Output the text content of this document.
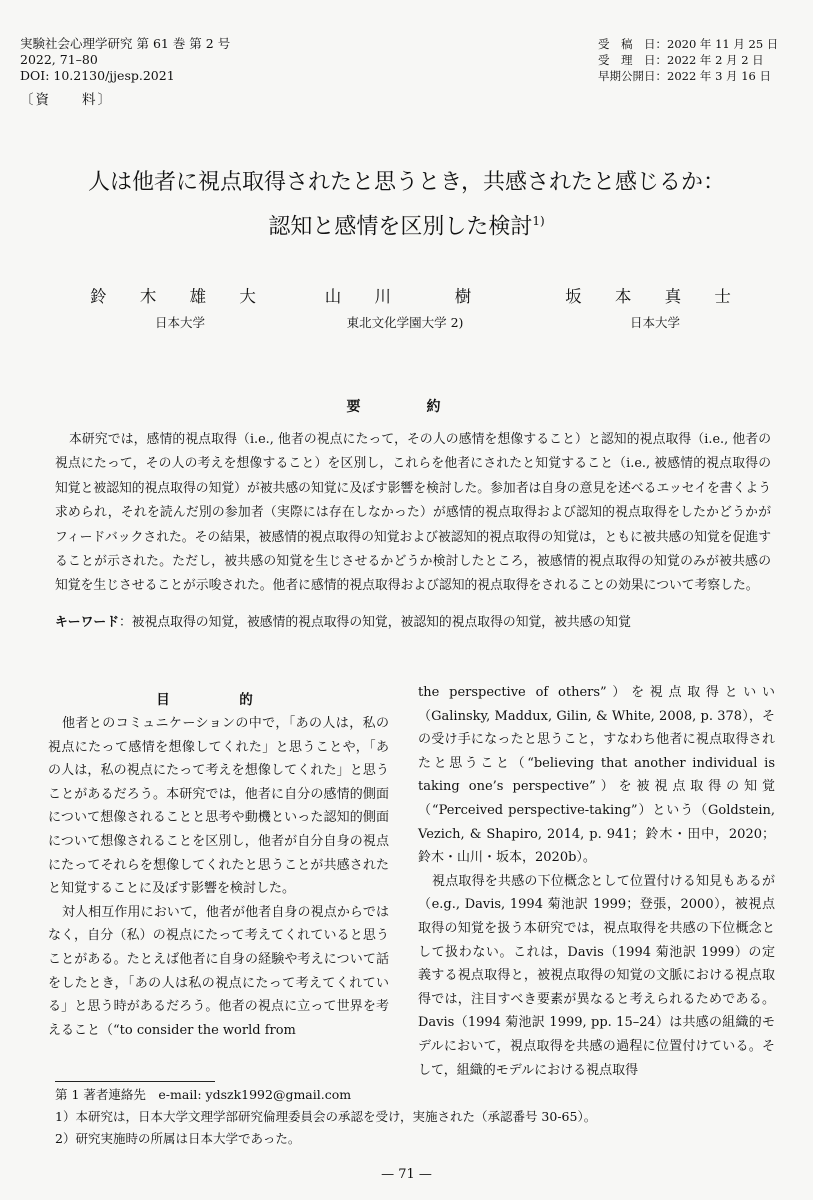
実験社会心理学研究 第 61 巻 第 2 号
2022, 71–80
DOI: 10.2130/jjesp.2021
〔資　　料〕
受　稿　日：2020 年 11 月 25 日
受　理　日：2022 年 2 月 2 日
早期公開日：2022 年 3 月 16 日
人は他者に視点取得されたと思うとき，共感されたと感じるか：
認知と感情を区別した検討$^{1)}$
鈴 木 雄 大
日本大学
山 川　 樹
東北文化学園大学 2)
坂 本 真 士
日本大学
要　約
本研究では，感情的視点取得（i.e., 他者の視点にたって，その人の感情を想像すること）と認知的視点取得（i.e., 他者の視点にたって，その人の考えを想像すること）を区別し，これらを他者にされたと知覚すること（i.e., 被感情的視点取得の知覚と被認知的視点取得の知覚）が被共感の知覚に及ぼす影響を検討した。参加者は自身の意見を述べるエッセイを書くよう求められ，それを読んだ別の参加者（実際には存在しなかった）が感情的視点取得および認知的視点取得をしたかどうかがフィードバックされた。その結果，被感情的視点取得の知覚および被認知的視点取得の知覚は，ともに被共感の知覚を促進することが示された。ただし，被共感の知覚を生じさせるかどうか検討したところ，被感情的視点取得の知覚のみが被共感の知覚を生じさせることが示唆された。他者に感情的視点取得および認知的視点取得をされることの効果について考察した。
キーワード：被視点取得の知覚，被感情的視点取得の知覚，被認知的視点取得の知覚，被共感の知覚
目　的

他者とのコミュニケーションの中で，「あの人は，私の視点にたって感情を想像してくれた」と思うことや，「あの人は，私の視点にたって考えを想像してくれた」と思うことがあるだろう。本研究では，他者に自分の感情的側面について想像されることと思考や動機といった認知的側面について想像されることを区別し，他者が自分自身の視点にたってそれらを想像してくれたと思うことが共感されたと知覚することに及ぼす影響を検討した。

対人相互作用において，他者が他者自身の視点からではなく，自分（私）の視点にたって考えてくれていると思うことがある。たとえば他者に自身の経験や考えについて話をしたとき，「あの人は私の視点にたって考えてくれている」と思う時があるだろう。他者の視点に立って世界を考えること（“to consider the world from

the perspective of others”）を視点取得といい（Galinsky, Maddux, Gilin, & White, 2008, p. 378），その受け手になったと思うこと，すなわち他者に視点取得されたと思うこと（“believing that another individual is taking one’s perspective”）を被視点取得の知覚（“Perceived perspective-taking”）という（Goldstein, Vezich, & Shapiro, 2014, p. 941；鈴木・田中，2020；鈴木・山川・坂本，2020b）。

視点取得を共感の下位概念として位置付ける知見もあるが（e.g., Davis, 1994 菊池訳 1999；登張，2000），被視点取得の知覚を扱う本研究では，視点取得を共感の下位概念として扱わない。これは，Davis（1994 菊池訳 1999）の定義する視点取得と，被視点取得の知覚の文脈における視点取得では，注目すべき要素が異なると考えられるためである。Davis（1994 菊池訳 1999, pp. 15–24）は共感の組織的モデルにおいて，視点取得を共感の過程に位置付けている。そして，組織的モデルにおける視点取得

第 1 著者連絡先　e-mail: ydszk1992@gmail.com
1）本研究は，日本大学文理学部研究倫理委員会の承認を受け，実施された（承認番号 30-65）。
2）研究実施時の所属は日本大学であった。
— 71 —
